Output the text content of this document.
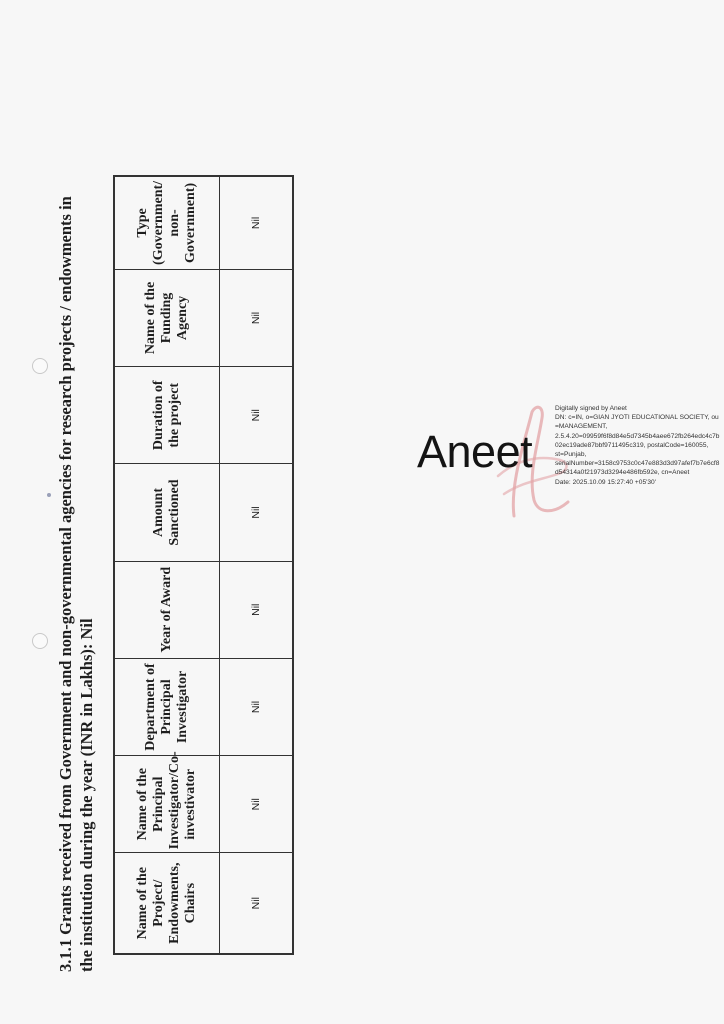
3.1.1 Grants received from Government and non-governmental agencies for research projects / endowments in the institution during the year (INR in Lakhs): Nil	Name of the Project/ Endowments, Chairs	Name of the Principal Investigator/Co-investivator	Department of Principal Investigator	Year of Award	Amount Sanctioned	Duration of the project	Name of the Funding Agency	Type (Government/ non-Government)
Nil	Nil	Nil	Nil	Nil	Nil	Nil	Nil
Aneet
Digitally signed by Aneet
DN: c=IN, o=GIAN JYOTI EDUCATIONAL SOCIETY, ou=MANAGEMENT,
2.5.4.20=09959f6f8d84e5d7345b4aee672fb264edc4c7b02ec19ade87bbf9711495c319, postalCode=160055,
st=Punjab,
serialNumber=3158c9753c0c47e883d3d97afef7b7e6cf8d54314a0f21973d3294e486fb592e, cn=Aneet
Date: 2025.10.09 15:27:40 +05'30'
